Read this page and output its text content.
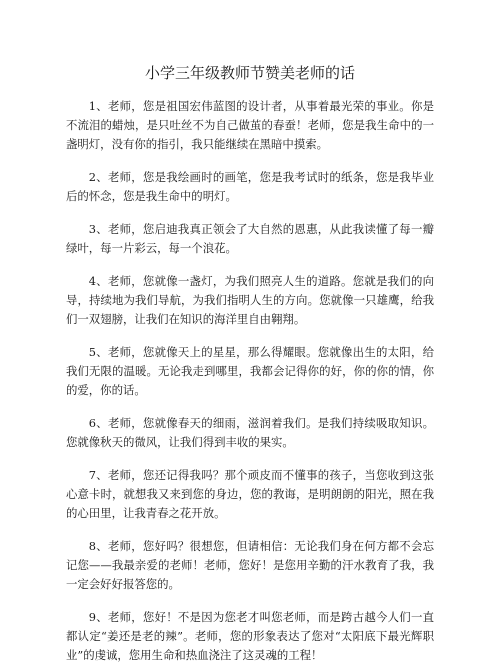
小学三年级教师节赞美老师的话

1、老师，您是祖国宏伟蓝图的设计者，从事着最光荣的事业。你是不流泪的蜡烛，是只吐丝不为自己做茧的春蚕！老师，您是我生命中的一盏明灯，没有你的指引，我只能继续在黑暗中摸索。

2、老师，您是我绘画时的画笔，您是我考试时的纸条，您是我毕业后的怀念，您是我生命中的明灯。

3、老师，您启迪我真正领会了大自然的恩惠，从此我读懂了每一瓣绿叶，每一片彩云，每一个浪花。

4、老师，您就像一盏灯，为我们照亮人生的道路。您就是我们的向导，持续地为我们导航，为我们指明人生的方向。您就像一只雄鹰，给我们一双翅膀，让我们在知识的海洋里自由翱翔。

5、老师，您就像天上的星星，那么得耀眼。您就像出生的太阳，给我们无限的温暖。无论我走到哪里，我都会记得你的好，你的你的情，你的爱，你的话。

6、老师，您就像春天的细雨，滋润着我们。是我们持续吸取知识。您就像秋天的微风，让我们得到丰收的果实。

7、老师，您还记得我吗？那个顽皮而不懂事的孩子，当您收到这张心意卡时，就想我又来到您的身边，您的教诲，是明朗朗的阳光，照在我的心田里，让我青春之花开放。

8、老师，您好吗？很想您，但请相信：无论我们身在何方都不会忘记您——我最亲爱的老师！老师，您好！是您用辛勤的汗水教育了我，我一定会好好报答您的。

9、老师，您好！不是因为您老才叫您老师，而是跨古越今人们一直都认定“姜还是老的辣”。老师，您的形象表达了您对“太阳底下最光辉职业”的虔诚，您用生命和热血浇注了这灵魂的工程！
